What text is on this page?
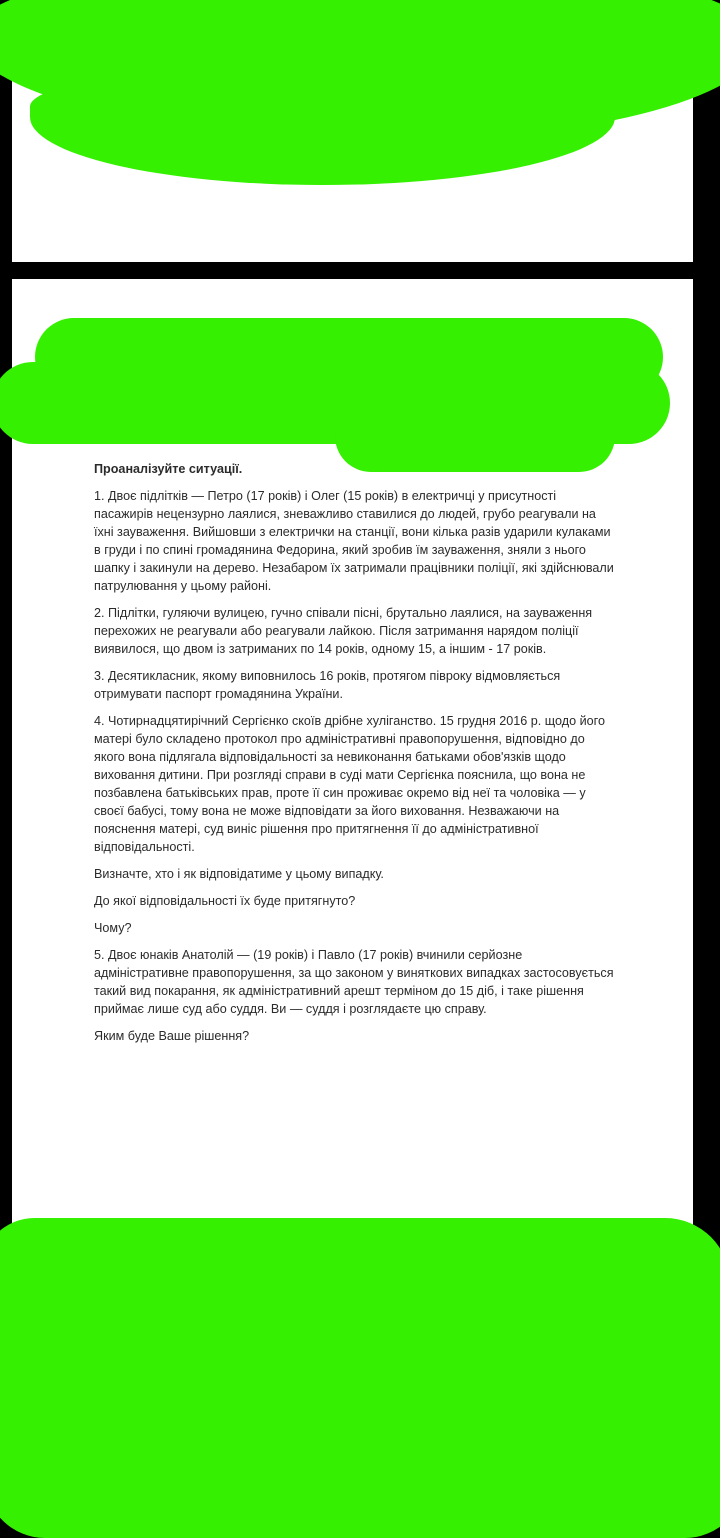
Проаналізуйте ситуації.

1. Двоє підлітків — Петро (17 років) і Олег (15 років) в електричці у присутності пасажирів нецензурно лаялися, зневажливо ставилися до людей, грубо реагували на їхні зауваження. Вийшовши з електрички на станції, вони кілька разів ударили кулаками в груди і по спині громадянина Федорина, який зробив їм зауваження, зняли з нього шапку і закинули на дерево. Незабаром їх затримали працівники поліції, які здійснювали патрулювання у цьому районі.

2. Підлітки, гуляючи вулицею, гучно співали пісні, брутально лаялися, на зауваження перехожих не реагували або реагували лайкою. Після затримання нарядом поліції виявилося, що двом із затриманих по 14 років, одному 15, а іншим - 17 років.

3. Десятикласник, якому виповнилось 16 років, протягом півроку відмовляється отримувати паспорт громадянина України.

4. Чотирнадцятирічний Сергієнко скоїв дрібне хуліганство. 15 грудня 2016 р. щодо його матері було складено протокол про адміністративні правопорушення, відповідно до якого вона підлягала відповідальності за невиконання батьками обов'язків щодо виховання дитини. При розгляді справи в суді мати Сергієнка пояснила, що вона не позбавлена батьківських прав, проте її син проживає окремо від неї та чоловіка — у своєї бабусі, тому вона не може відповідати за його виховання. Незважаючи на пояснення матері, суд виніс рішення про притягнення її до адміністративної відповідальності.

Визначте, хто і як відповідатиме у цьому випадку.

До якої відповідальності їх буде притягнуто?

Чому?

5. Двоє юнаків Анатолій — (19 років) і Павло (17 років) вчинили серйозне адміністративне правопорушення, за що законом у виняткових випадках застосовується такий вид покарання, як адміністративний арешт терміном до 15 діб, і таке рішення приймає лише суд або суддя. Ви — суддя і розглядаєте цю справу.

Яким буде Ваше рішення?
